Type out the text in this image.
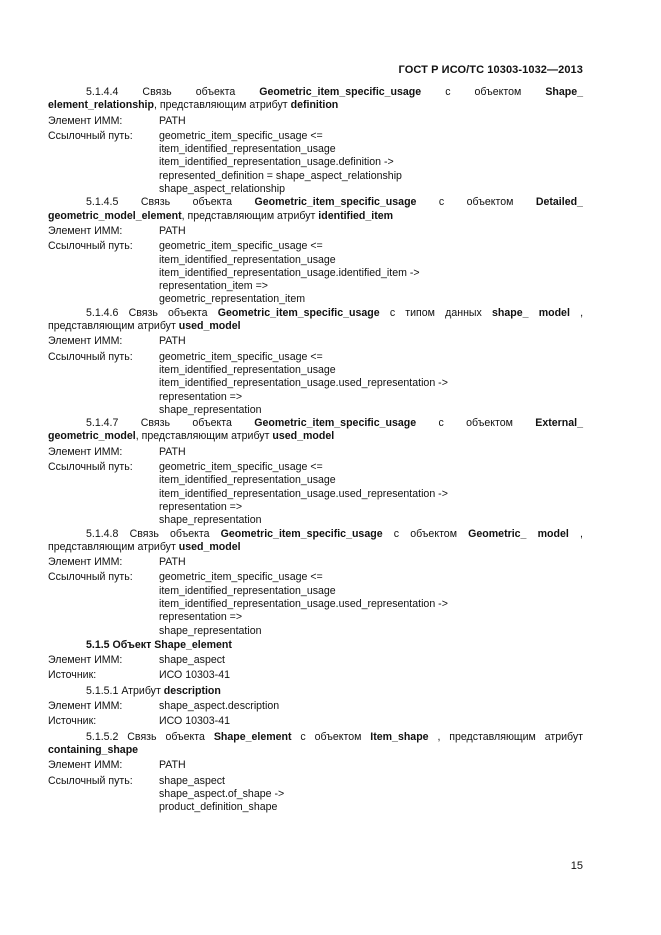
ГОСТ Р ИСО/ТС 10303-1032—2013
5.1.4.4 Связь объекта Geometric_item_specific_usage с объектом Shape_
element_relationship, представляющим атрибут definition
Элемент ИММ:	PATH
Ссылочный путь:	geometric_item_specific_usage <=
item_identified_representation_usage
item_identified_representation_usage.definition ->
represented_definition = shape_aspect_relationship
shape_aspect_relationship
5.1.4.5 Связь объекта Geometric_item_specific_usage с объектом Detailed_
geometric_model_element, представляющим атрибут identified_item
Элемент ИММ:	PATH
Ссылочный путь:	geometric_item_specific_usage <=
item_identified_representation_usage
item_identified_representation_usage.identified_item ->
representation_item =>
geometric_representation_item
5.1.4.6 Связь объекта Geometric_item_specific_usage с типом данных shape_ model ,
представляющим атрибут used_model
Элемент ИММ:	PATH
Ссылочный путь:	geometric_item_specific_usage <=
item_identified_representation_usage
item_identified_representation_usage.used_representation ->
representation =>
shape_representation
5.1.4.7 Связь объекта Geometric_item_specific_usage с объектом External_
geometric_model, представляющим атрибут used_model
Элемент ИММ:	PATH
Ссылочный путь:	geometric_item_specific_usage <=
item_identified_representation_usage
item_identified_representation_usage.used_representation ->
representation =>
shape_representation
5.1.4.8 Связь объекта Geometric_item_specific_usage с объектом Geometric_ model ,
представляющим атрибут used_model
Элемент ИММ:	PATH
Ссылочный путь:	geometric_item_specific_usage <=
item_identified_representation_usage
item_identified_representation_usage.used_representation ->
representation =>
shape_representation
5.1.5 Объект Shape_element
Элемент ИММ:	shape_aspect
Источник:	ИСО 10303-41
5.1.5.1 Атрибут description
Элемент ИММ:	shape_aspect.description
Источник:	ИСО 10303-41
5.1.5.2 Связь объекта Shape_element с объектом Item_shape , представляющим атрибут
containing_shape
Элемент ИММ:	PATH
Ссылочный путь:	shape_aspect
shape_aspect.of_shape ->
product_definition_shape
15
